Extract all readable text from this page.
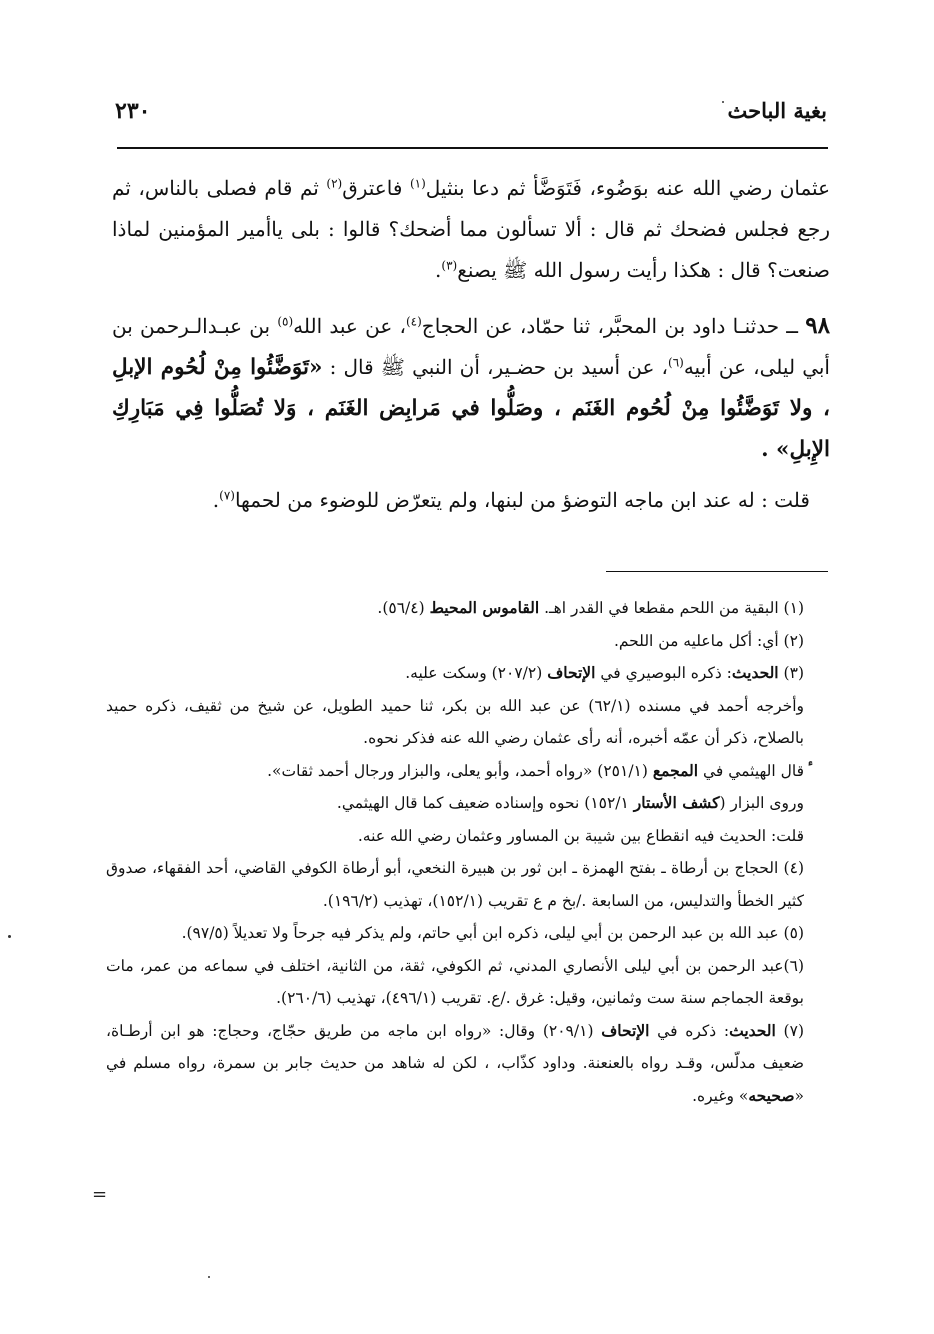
بغية الباحث
٢٣٠

عثمان رضي الله عنه بوَضُوء، فَتَوَضَّأ ثم دعا بنثيل$^{(١)}$ فاعترق$^{(٢)}$ ثم قام فصلى بالناس، ثم رجع فجلس فضحك ثم قال : ألا تسألون مما أضحك؟ قالوا : بلى ياأمير المؤمنين لماذا صنعت؟ قال : هكذا رأيت رسول الله ﷺ يصنع$^{(٣)}$.

٩٨ ــ حدثنـا داود بن المحبَّر، ثنا حمّاد، عن الحجاج$^{(٤)}$، عن عبد الله$^{(٥)}$ بن عبـدالـرحمن بن أبي ليلى، عن أبيه$^{(٦)}$، عن أسيد بن حضـير، أن النبي ﷺ قال : «تَوَضَّئُوا مِنْ لُحُوم الإبلِ ، ولا تَوَضَّئُوا مِنْ لُحُوم الغَنَم ، وصَلُّوا في مَرابِض الغَنَم ، وَلا تُصَلُّوا فِي مَبَارِكِ الإِبلِ» .

 قلت : له عند ابن ماجه التوضؤ من لبنها، ولم يتعرّض للوضوء من لحمها$^{(٧)}$.

(١) البقية من اللحم مقطعا في القدر اهـ. القاموس المحيط (٥٦/٤).

(٢) أي: أكل ماعليه من اللحم.

(٣) الحديث: ذكره البوصيري في الإتحاف (٢٠٧/٢) وسكت عليه.

وأخرجه أحمد في مسنده (٦٢/١) عن عبد الله بن بكر، ثنا حميد الطويل، عن شيخ من ثقيف، ذكره حميد بالصلاح، ذكر أن عمّه أخبره، أنه رأى عثمان رضي الله عنه فذكر نحوه.

قال الهيثمي في المجمع (٢٥١/١) «رواه أحمد، وأبو يعلى، والبزار ورجال أحمد ثقات».

وروى البزار (كشف الأستار ١٥٢/١) نحوه وإسناده ضعيف كما قال الهيثمي.

قلت: الحديث فيه انقطاع بين شيبة بن المساور وعثمان رضي الله عنه.

(٤) الحجاج بن أرطاة ـ بفتح الهمزة ـ ابن ثور بن هبيرة النخعي، أبو أرطاة الكوفي القاضي، أحد الفقهاء، صدوق كثير الخطأ والتدليس، من السابعة ./بخ م ع تقريب (١٥٢/١)، تهذيب (١٩٦/٢).

(٥) عبد الله بن عبد الرحمن بن أبي ليلى، ذكره ابن أبي حاتم، ولم يذكر فيه جرحاً ولا تعديلاً (٩٧/٥).

(٦)عبد الرحمن بن أبي ليلى الأنصاري المدني، ثم الكوفي، ثقة، من الثانية، اختلف في سماعه من عمر، مات بوقعة الجماجم سنة ست وثمانين، وقيل: غرق ./ع. تقريب (٤٩٦/١)، تهذيب (٢٦٠/٦).

(٧) الحديث: ذكره في الإتحاف (٢٠٩/١) وقال: «رواه ابن ماجه من طريق حجّاج، وحجاج: هو ابن أرطـاة، ضعيف مدلّس، وقـد رواه بالعنعنة. وداود كذّاب، ، لكن له شاهد من حديث جابر بن سمرة، رواه مسلم في «صحيحه» وغيره.

=
